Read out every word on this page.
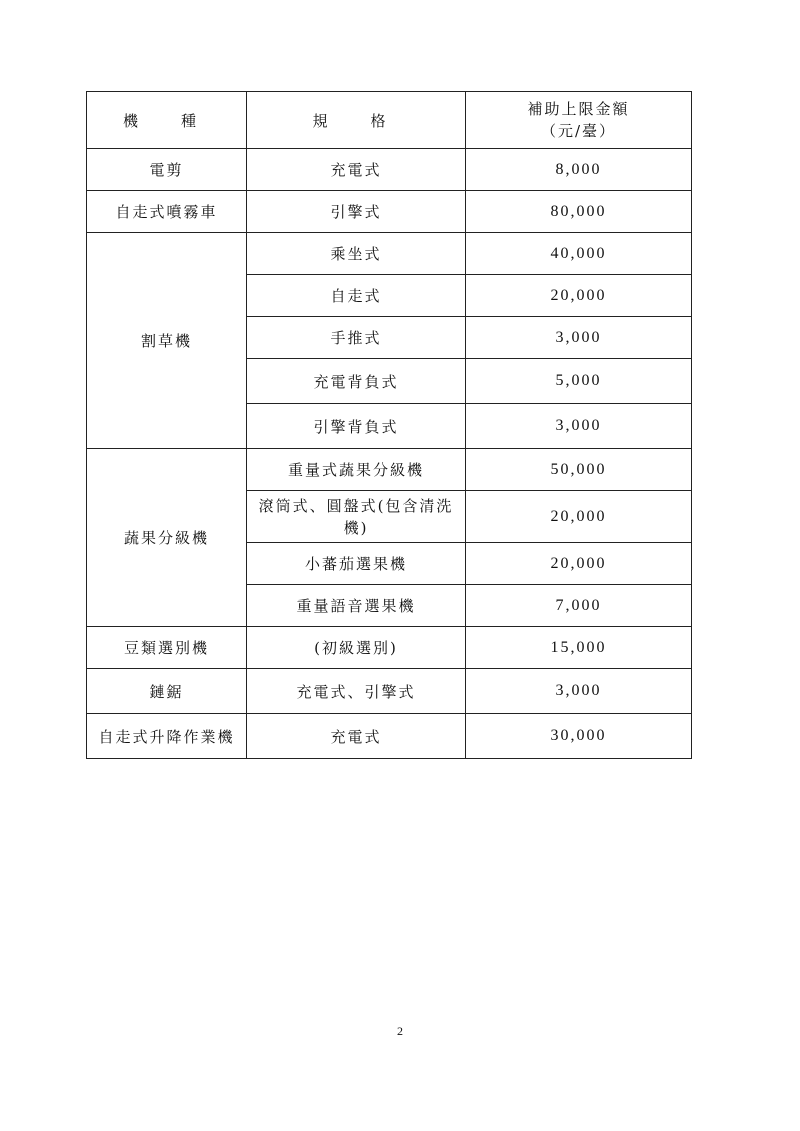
機　種	規　格	補助上限金額
（元/臺）

電剪	充電式	8,000
自走式噴霧車	引擎式	80,000
割草機	乘坐式	40,000
	自走式	20,000
	手推式	3,000
	充電背負式	5,000
	引擎背負式	3,000
蔬果分級機	重量式蔬果分級機	50,000
	滾筒式、圓盤式(包含清洗機)	20,000
	小蕃茄選果機	20,000
	重量語音選果機	7,000
豆類選別機	(初級選別)	15,000
鏈鋸	充電式、引擎式	3,000
自走式升降作業機	充電式	30,000
2
